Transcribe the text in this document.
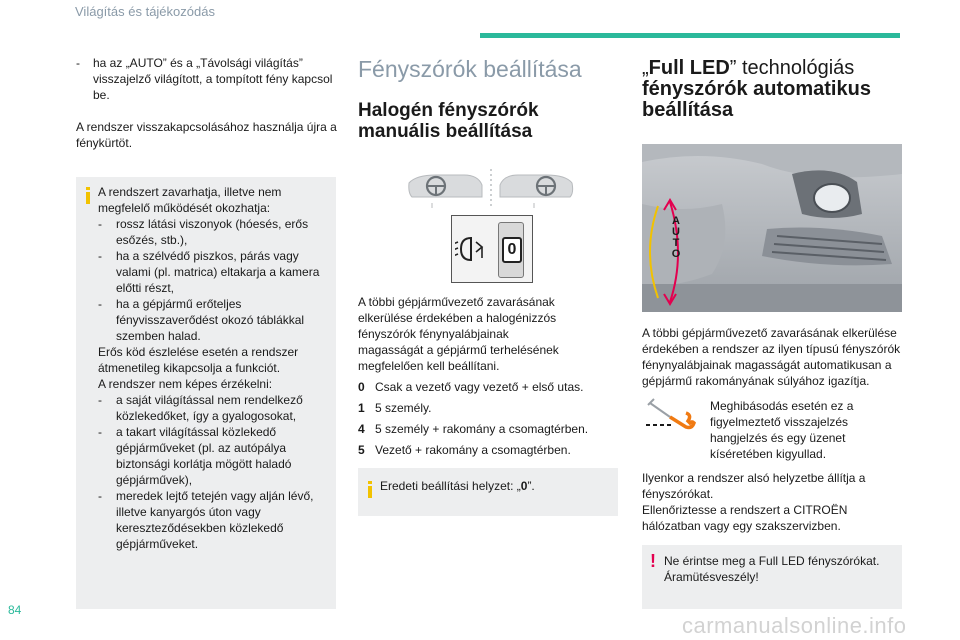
Világítás és tájékozódás
- ha az „AUTO” és a „Távolsági világítás” visszajelző világított, a tompított fény kapcsol be.
A rendszer visszakapcsolásához használja újra a fénykürtöt.
A rendszert zavarhatja, illetve nem megfelelő működését okozhatja:
- rossz látási viszonyok (hóesés, erős esőzés, stb.),
- ha a szélvédő piszkos, párás vagy valami (pl. matrica) eltakarja a kamera előtti részt,
- ha a gépjármű erőteljes fényvisszaverődést okozó táblákkal szemben halad.
Erős köd észlelése esetén a rendszer átmenetileg kikapcsolja a funkciót.
A rendszer nem képes érzékelni:
- a saját világítással nem rendelkező közlekedőket, így a gyalogosokat,
- a takart világítással közlekedő gépjárműveket (pl. az autópálya biztonsági korlátja mögött haladó gépjárművek),
- meredek lejtő tetején vagy alján lévő, illetve kanyargós úton vagy kereszteződésekben közlekedő gépjárműveket.
Fényszórók beállítása
Halogén fényszórók manuális beállítása
0
A többi gépjárművezető zavarásának elkerülése érdekében a halogénizzós fényszórók fénynyalábjainak magasságát a gépjármű terhelésének megfelelően kell beállítani.
0 Csak a vezető vagy vezető + első utas.
1 5 személy.
4 5 személy + rakomány a csomagtérben.
5 Vezető + rakomány a csomagtérben.
Eredeti beállítási helyzet: „0”.
„Full LED” technológiás
fényszórók automatikus
beállítása
A
U
T
O
A többi gépjárművezető zavarásának elkerülése érdekében a rendszer az ilyen típusú fényszórók fénynyalábjainak magasságát automatikusan a gépjármű rakományának súlyához igazítja.
Meghibásodás esetén ez a figyelmeztető visszajelzés hangjelzés és egy üzenet kíséretében kigyullad.
Ilyenkor a rendszer alsó helyzetbe állítja a fényszórókat.
Ellenőriztesse a rendszert a CITROËN hálózatban vagy egy szakszervizben.
! Ne érintse meg a Full LED fényszórókat. Áramütésveszély!
84
carmanualsonline.info
